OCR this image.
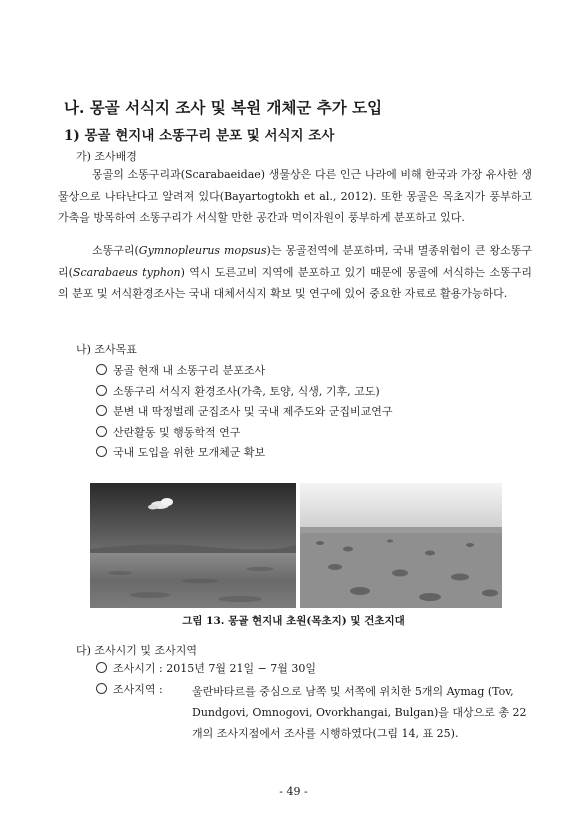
나. 몽골 서식지 조사 및 복원 개체군 추가 도입
1) 몽골 현지내 소똥구리 분포 및 서식지 조사
가) 조사배경
몽골의 소똥구리과(Scarabaeidae) 생물상은 다른 인근 나라에 비해 한국과 가장 유사한 생물상으로 나타난다고 알려져 있다(Bayartogtokh et al., 2012). 또한 몽골은 목초지가 풍부하고 가축을 방목하여 소똥구리가 서식할 만한 공간과 먹이자원이 풍부하게 분포하고 있다.
소똥구리(Gymnopleurus mopsus)는 몽골전역에 분포하며, 국내 멸종위험이 큰 왕소똥구리(Scarabaeus typhon) 역시 도른고비 지역에 분포하고 있기 때문에 몽골에 서식하는 소똥구리의 분포 및 서식환경조사는 국내 대체서식지 확보 및 연구에 있어 중요한 자료로 활용가능하다.
나) 조사목표
몽골 현재 내 소똥구리 분포조사
소똥구리 서식지 환경조사(가축, 토양, 식생, 기후, 고도)
분변 내 딱정벌레 군집조사 및 국내 제주도와 군집비교연구
산란활동 및 행동학적 연구
국내 도입을 위한 모개체군 확보
그림 13. 몽골 현지내 초원(목초지) 및 건초지대
다) 조사시기 및 조사지역
조사시기 : 2015년 7월 21일 − 7월 30일
조사지역 :	울란바타르를 중심으로 남쪽 및 서쪽에 위치한 5개의 Aymag (Tov, Dundgovi, Omnogovi, Ovorkhangai, Bulgan)을 대상으로 총 22개의 조사지점에서 조사를 시행하였다(그림 14, 표 25).
- 49 -
